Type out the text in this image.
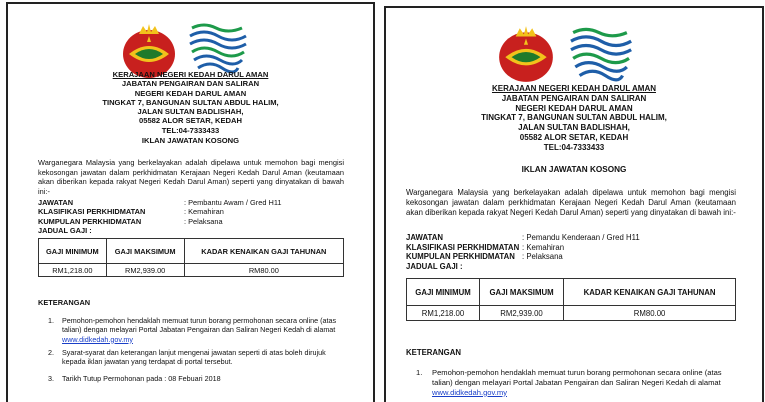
KERAJAAN NEGERI KEDAH DARUL AMAN
JABATAN PENGAIRAN DAN SALIRAN
NEGERI KEDAH DARUL AMAN
TINGKAT 7, BANGUNAN SULTAN ABDUL HALIM,
JALAN SULTAN BADLISHAH,
05582 ALOR SETAR, KEDAH
TEL:04-7333433
IKLAN JAWATAN KOSONG
Warganegara Malaysia yang berkelayakan adalah dipelawa untuk memohon bagi mengisi kekosongan jawatan dalam perkhidmatan Kerajaan Negeri Kedah Darul Aman (keutamaan akan diberikan kepada rakyat Negeri Kedah Darul Aman) seperti yang dinyatakan di bawah ini:-
JAWATAN	: Pembantu Awam / Gred H11
KLASIFIKASI PERKHIDMATAN	: Kemahiran
KUMPULAN PERKHIDMATAN	: Pelaksana
JADUAL GAJI :
GAJI MINIMUM	GAJI MAKSIMUM	KADAR KENAIKAN GAJI TAHUNAN
RM1,218.00	RM2,939.00	RM80.00
KETERANGAN
1.	Pemohon-pemohon hendaklah memuat turun borang permohonan secara online (atas talian) dengan melayari Portal Jabatan Pengairan dan Saliran Negeri Kedah di alamat www.didkedah.gov.my
2.	Syarat-syarat dan keterangan lanjut mengenai jawatan seperti di atas boleh dirujuk kepada iklan jawatan yang terdapat di portal tersebut.
3.	Tarikh Tutup Permohonan pada : 08 Febuari 2018
KERAJAAN NEGERI KEDAH DARUL AMAN
JABATAN PENGAIRAN DAN SALIRAN
NEGERI KEDAH DARUL AMAN
TINGKAT 7, BANGUNAN SULTAN ABDUL HALIM,
JALAN SULTAN BADLISHAH,
05582 ALOR SETAR, KEDAH
TEL:04-7333433
IKLAN JAWATAN KOSONG
Warganegara Malaysia yang berkelayakan adalah dipelawa untuk memohon bagi mengisi kekosongan jawatan dalam perkhidmatan Kerajaan Negeri Kedah Darul Aman (keutamaan akan diberikan kepada rakyat Negeri Kedah Darul Aman) seperti yang dinyatakan di bawah ini:-
JAWATAN	: Pemandu Kenderaan / Gred H11
KLASIFIKASI PERKHIDMATAN : Kemahiran
KUMPULAN PERKHIDMATAN : Pelaksana
JADUAL GAJI :
GAJI MINIMUM	GAJI MAKSIMUM	KADAR KENAIKAN GAJI TAHUNAN
RM1,218.00	RM2,939.00	RM80.00
KETERANGAN
1.	Pemohon-pemohon hendaklah memuat turun borang permohonan secara online (atas talian) dengan melayari Portal Jabatan Pengairan dan Saliran Negeri Kedah di alamat www.didkedah.gov.my
